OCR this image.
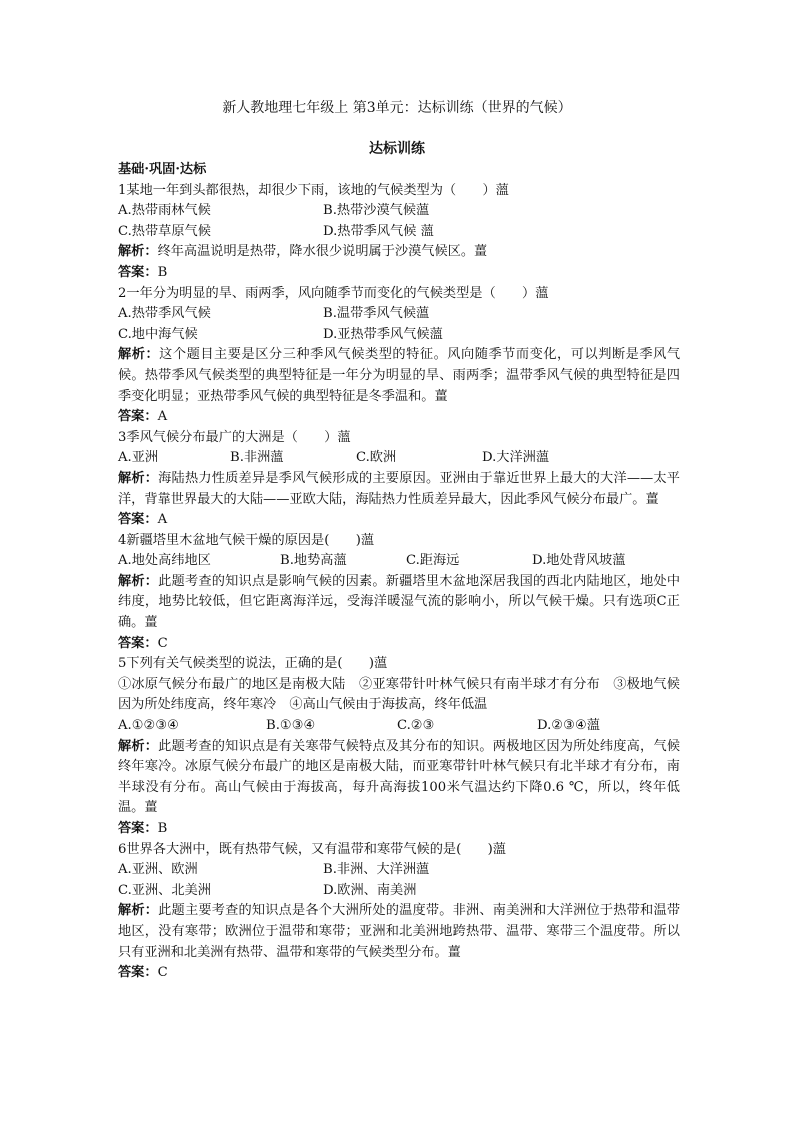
新人教地理七年级上 第3单元：达标训练（世界的气候）
达标训练
基础·巩固·达标
1某地一年到头都很热，却很少下雨，该地的气候类型为（　　）薀
A.热带雨林气候	B.热带沙漠气候薀
C.热带草原气候	D.热带季风气候 薀
解析：终年高温说明是热带，降水很少说明属于沙漠气候区。薑
答案：B
2一年分为明显的旱、雨两季，风向随季节而变化的气候类型是（　　）薀
A.热带季风气候	B.温带季风气候薀
C.地中海气候	D.亚热带季风气候薀
解析：这个题目主要是区分三种季风气候类型的特征。风向随季节而变化，可以判断是季风气候。热带季风气候类型的典型特征是一年分为明显的旱、雨两季；温带季风气候的典型特征是四季变化明显；亚热带季风气候的典型特征是冬季温和。薑
答案：A
3季风气候分布最广的大洲是（　　）薀
A.亚洲	B.非洲薀	C.欧洲	D.大洋洲薀
解析：海陆热力性质差异是季风气候形成的主要原因。亚洲由于靠近世界上最大的大洋——太平洋，背靠世界最大的大陆——亚欧大陆，海陆热力性质差异最大，因此季风气候分布最广。薑
答案：A
4新疆塔里木盆地气候干燥的原因是(　　)薀
A.地处高纬地区	B.地势高薀	C.距海远	D.地处背风坡薀
解析：此题考查的知识点是影响气候的因素。新疆塔里木盆地深居我国的西北内陆地区，地处中纬度，地势比较低，但它距离海洋远，受海洋暖湿气流的影响小，所以气候干燥。只有选项C正确。薑
答案：C
5下列有关气候类型的说法，正确的是(　　)薀
①冰原气候分布最广的地区是南极大陆　②亚寒带针叶林气候只有南半球才有分布　③极地气候因为所处纬度高，终年寒冷　④高山气候由于海拔高，终年低温
A.①②③④	B.①③④	C.②③	D.②③④薀
解析：此题考查的知识点是有关寒带气候特点及其分布的知识。两极地区因为所处纬度高，气候终年寒冷。冰原气候分布最广的地区是南极大陆，而亚寒带针叶林气候只有北半球才有分布，南半球没有分布。高山气候由于海拔高，每升高海拔100米气温达约下降0.6 ℃，所以，终年低温。薑
答案：B
6世界各大洲中，既有热带气候，又有温带和寒带气候的是(　　)薀
A.亚洲、欧洲	B.非洲、大洋洲薀
C.亚洲、北美洲	D.欧洲、南美洲
解析：此题主要考查的知识点是各个大洲所处的温度带。非洲、南美洲和大洋洲位于热带和温带地区，没有寒带；欧洲位于温带和寒带；亚洲和北美洲地跨热带、温带、寒带三个温度带。所以只有亚洲和北美洲有热带、温带和寒带的气候类型分布。薑
答案：C
